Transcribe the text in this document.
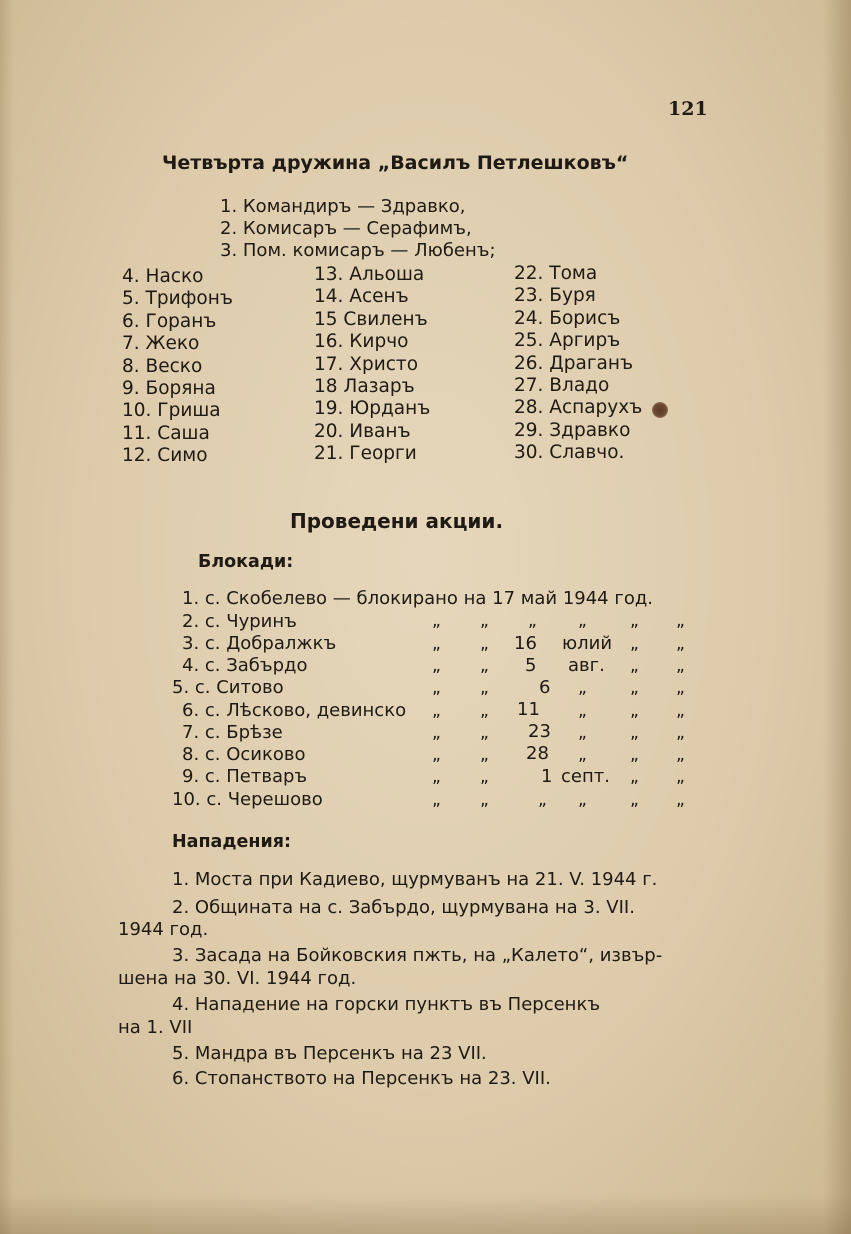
121
Четвърта дружина „Василъ Петлешковъ“
1. Командиръ — Здравко,
2. Комисаръ — Серафимъ,
3. Пом. комисаръ — Любенъ;
4. Наско
5. Трифонъ
6. Горанъ
7. Жеко
8. Веско
9. Боряна
10. Гриша
11. Саша
12. Симо
13. Альоша
14. Асенъ
15 Свиленъ
16. Кирчо
17. Христо
18 Лазаръ
19. Юрданъ
20. Иванъ
21. Георги
22. Тома
23. Буря
24. Борисъ
25. Аргиръ
26. Драганъ
27. Владо
28. Аспарухъ
29. Здравко
30. Славчо.
Проведени акции.
Блокади:
1. с. Скобелево — блокирано на 17 май 1944 год.
2. с. Чуринъ
3. с. Добралжкъ
4. с. Забърдо
5. с. Ситово
6. с. Лѣсково, девинско
7. с. Брѣзе
8. с. Осиково
9. с. Петваръ
10. с. Черешово
„ „
„ „
„ „
„ „
„ „
„ „
„ „
„ „
„ „
„
16
5
6
11
23
28
1
„
„
юлий
авг.
„
„
„
„
септ.
„
„ „
„ „
„ „
„ „
„ „
„ „
„ „
„ „
„ „
Нападения:
1. Моста при Кадиево, щурмуванъ на 21. V. 1944 г.
2. Общината на с. Забърдо, щурмувана на 3. VII.
1944 год.
3. Засада на Бойковския пжть, на „Калето“, извър-
шена на 30. VI. 1944 год.
4. Нападение на горски пунктъ въ Персенкъ
на 1. VII
5. Мандра въ Персенкъ на 23 VII.
6. Стопанството на Персенкъ на 23. VII.
